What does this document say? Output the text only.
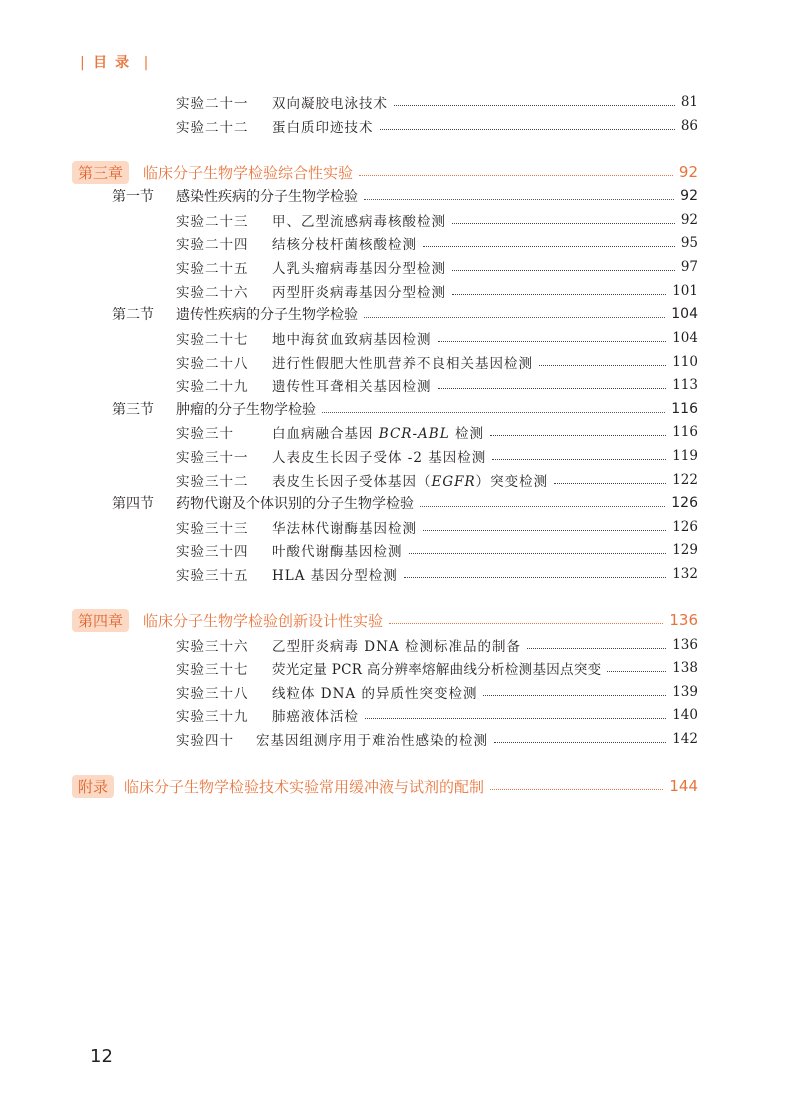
| 目录 |
实验二十一 双向凝胶电泳技术	81
实验二十二 蛋白质印迹技术	86
第三章 临床分子生物学检验综合性实验	92
第一节 感染性疾病的分子生物学检验	92
实验二十三 甲、乙型流感病毒核酸检测	92
实验二十四 结核分枝杆菌核酸检测	95
实验二十五 人乳头瘤病毒基因分型检测	97
实验二十六 丙型肝炎病毒基因分型检测	101
第二节 遗传性疾病的分子生物学检验	104
实验二十七 地中海贫血致病基因检测	104
实验二十八 进行性假肥大性肌营养不良相关基因检测	110
实验二十九 遗传性耳聋相关基因检测	113
第三节 肿瘤的分子生物学检验	116
实验三十	白血病融合基因 BCR-ABL 检测	116
实验三十一 人表皮生长因子受体 -2 基因检测	119
实验三十二 表皮生长因子受体基因（EGFR）突变检测	122
第四节 药物代谢及个体识别的分子生物学检验	126
实验三十三 华法林代谢酶基因检测	126
实验三十四 叶酸代谢酶基因检测	129
实验三十五 HLA 基因分型检测	132
第四章 临床分子生物学检验创新设计性实验	136
实验三十六 乙型肝炎病毒 DNA 检测标准品的制备	136
实验三十七 荧光定量 PCR 高分辨率熔解曲线分析检测基因点突变	138
实验三十八 线粒体 DNA 的异质性突变检测	139
实验三十九 肺癌液体活检	140
实验四十 宏基因组测序用于难治性感染的检测	142
附录 临床分子生物学检验技术实验常用缓冲液与试剂的配制	144
12
